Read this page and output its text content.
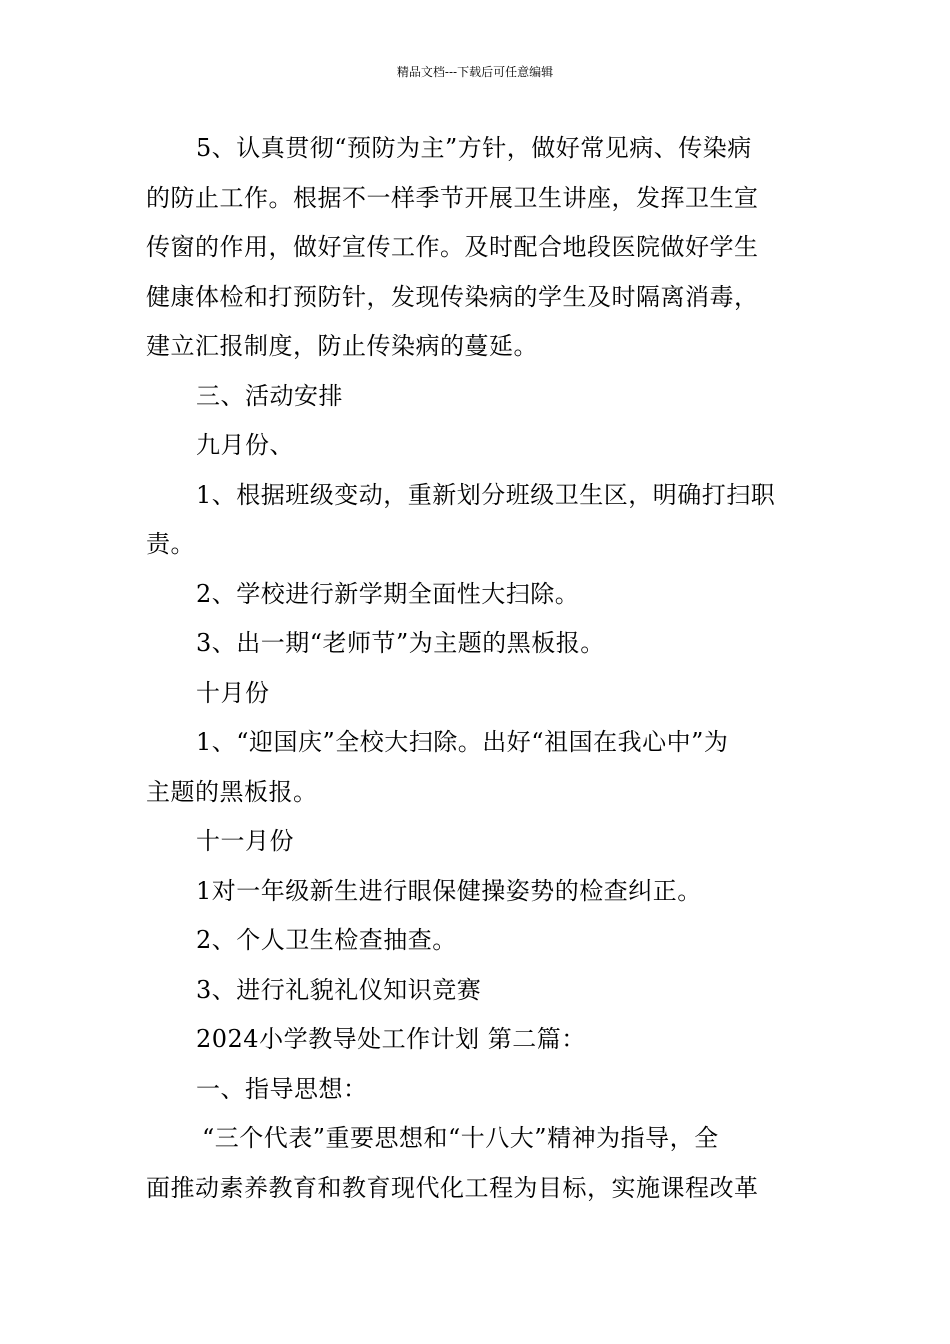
精品文档---下载后可任意编辑

5、认真贯彻“预防为主”方针，做好常见病、传染病

的防止工作。根据不一样季节开展卫生讲座，发挥卫生宣

传窗的作用，做好宣传工作。及时配合地段医院做好学生

健康体检和打预防针，发现传染病的学生及时隔离消毒，

建立汇报制度，防止传染病的蔓延。

三、活动安排

九月份、

1、根据班级变动，重新划分班级卫生区，明确打扫职

责。

2、学校进行新学期全面性大扫除。

3、出一期“老师节”为主题的黑板报。

十月份

1、“迎国庆”全校大扫除。出好“祖国在我心中”为

主题的黑板报。

十一月份

1对一年级新生进行眼保健操姿势的检查纠正。

2、个人卫生检查抽查。

3、进行礼貌礼仪知识竞赛

2024小学教导处工作计划 第二篇：

一、指导思想：

“三个代表”重要思想和“十八大”精神为指导，全

面推动素养教育和教育现代化工程为目标，实施课程改革
